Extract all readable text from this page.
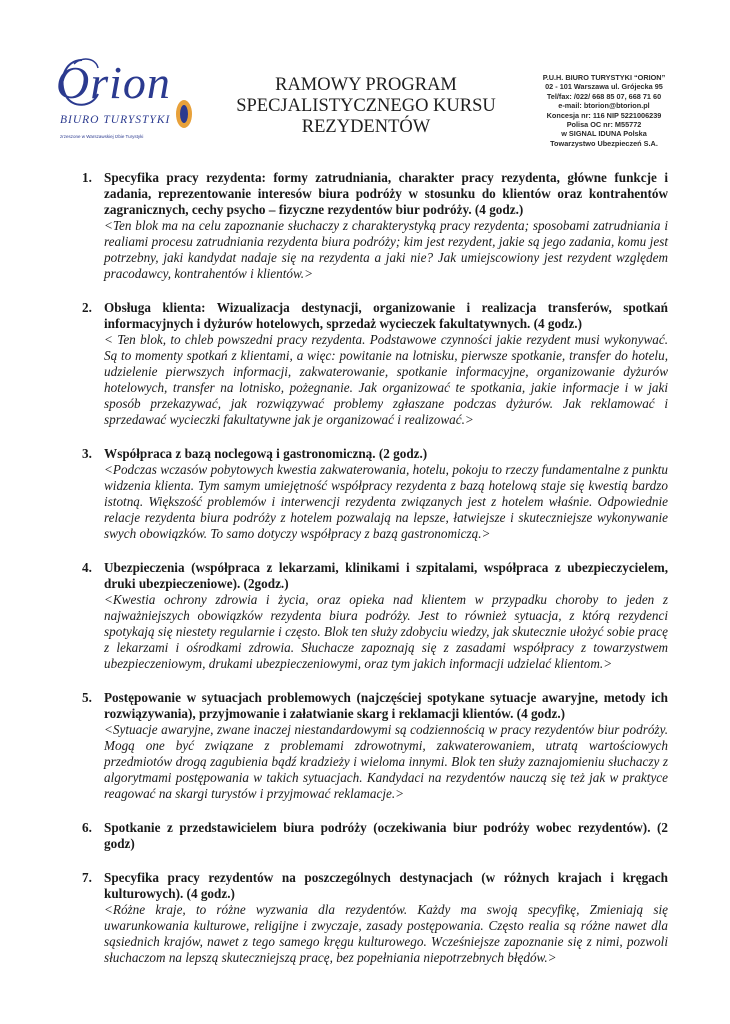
Orion
BIURO TURYSTYKI
zrzeszone w Warszawskiej Izbie Turystyki
RAMOWY PROGRAM
SPECJALISTYCZNEGO KURSU
REZYDENTÓW
P.U.H. BIURO TURYSTYKI “ORION”
02 - 101 Warszawa ul. Grójecka 95
Tel/fax: /022/ 668 85 07, 668 71 60
e-mail: btorion@btorion.pl
Koncesja nr: 116 NIP 5221006239
Polisa OC nr: M55772
w SIGNAL IDUNA Polska
Towarzystwo Ubezpieczeń S.A.
1. Specyfika pracy rezydenta: formy zatrudniania, charakter pracy rezydenta, główne funkcje i zadania, reprezentowanie interesów biura podróży w stosunku do klientów oraz kontrahentów zagranicznych, cechy psycho – fizyczne rezydentów biur podróży. (4 godz.)
<Ten blok ma na celu zapoznanie słuchaczy z charakterystyką pracy rezydenta; sposobami zatrudniania i realiami procesu zatrudniania rezydenta biura podróży; kim jest rezydent, jakie są jego zadania, komu jest potrzebny, jaki kandydat nadaje się na rezydenta a jaki nie? Jak umiejscowiony jest rezydent względem pracodawcy, kontrahentów i klientów.>
2. Obsługa klienta: Wizualizacja destynacji, organizowanie i realizacja transferów, spotkań informacyjnych i dyżurów hotelowych, sprzedaż wycieczek fakultatywnych. (4 godz.)
< Ten blok, to chleb powszedni pracy rezydenta. Podstawowe czynności jakie rezydent musi wykonywać. Są to momenty spotkań z klientami, a więc: powitanie na lotnisku, pierwsze spotkanie, transfer do hotelu, udzielenie pierwszych informacji, zakwaterowanie, spotkanie informacyjne, organizowanie dyżurów hotelowych, transfer na lotnisko, pożegnanie. Jak organizować te spotkania, jakie informacje i w jaki sposób przekazywać, jak rozwiązywać problemy zgłaszane podczas dyżurów. Jak reklamować i sprzedawać wycieczki fakultatywne jak je organizować i realizować.>
3. Współpraca z bazą noclegową i gastronomiczną. (2 godz.)
<Podczas wczasów pobytowych kwestia zakwaterowania, hotelu, pokoju to rzeczy fundamentalne z punktu widzenia klienta. Tym samym umiejętność współpracy rezydenta z bazą hotelową staje się kwestią bardzo istotną. Większość problemów i interwencji rezydenta związanych jest z hotelem właśnie. Odpowiednie relacje rezydenta biura podróży z hotelem pozwalają na lepsze, łatwiejsze i skuteczniejsze wykonywanie swych obowiązków. To samo dotyczy współpracy z bazą gastronomiczą.>
4. Ubezpieczenia (współpraca z lekarzami, klinikami i szpitalami, współpraca z ubezpieczycielem, druki ubezpieczeniowe). (2godz.)
<Kwestia ochrony zdrowia i życia, oraz opieka nad klientem w przypadku choroby to jeden z najważniejszych obowiązków rezydenta biura podróży. Jest to również sytuacja, z którą rezydenci spotykają się niestety regularnie i często. Blok ten służy zdobyciu wiedzy, jak skutecznie ułożyć sobie pracę z lekarzami i ośrodkami zdrowia. Słuchacze zapoznają się z zasadami współpracy z towarzystwem ubezpieczeniowym, drukami ubezpieczeniowymi, oraz tym jakich informacji udzielać klientom.>
5. Postępowanie w sytuacjach problemowych (najczęściej spotykane sytuacje awaryjne, metody ich rozwiązywania), przyjmowanie i załatwianie skarg i reklamacji klientów. (4 godz.)
<Sytuacje awaryjne, zwane inaczej niestandardowymi są codziennością w pracy rezydentów biur podróży. Mogą one być związane z problemami zdrowotnymi, zakwaterowaniem, utratą wartościowych przedmiotów drogą zagubienia bądź kradzieży i wieloma innymi. Blok ten służy zaznajomieniu słuchaczy z algorytmami postępowania w takich sytuacjach. Kandydaci na rezydentów nauczą się też jak w praktyce reagować na skargi turystów i przyjmować reklamacje.>
6. Spotkanie z przedstawicielem biura podróży (oczekiwania biur podróży wobec rezydentów). (2 godz)
7. Specyfika pracy rezydentów na poszczególnych destynacjach (w różnych krajach i kręgach kulturowych). (4 godz.)
<Różne kraje, to różne wyzwania dla rezydentów. Każdy ma swoją specyfikę, Zmieniają się uwarunkowania kulturowe, religijne i zwyczaje, zasady postępowania. Często realia są różne nawet dla sąsiednich krajów, nawet z tego samego kręgu kulturowego. Wcześniejsze zapoznanie się z nimi, pozwoli słuchaczom na lepszą skuteczniejszą pracę, bez popełniania niepotrzebnych błędów.>
